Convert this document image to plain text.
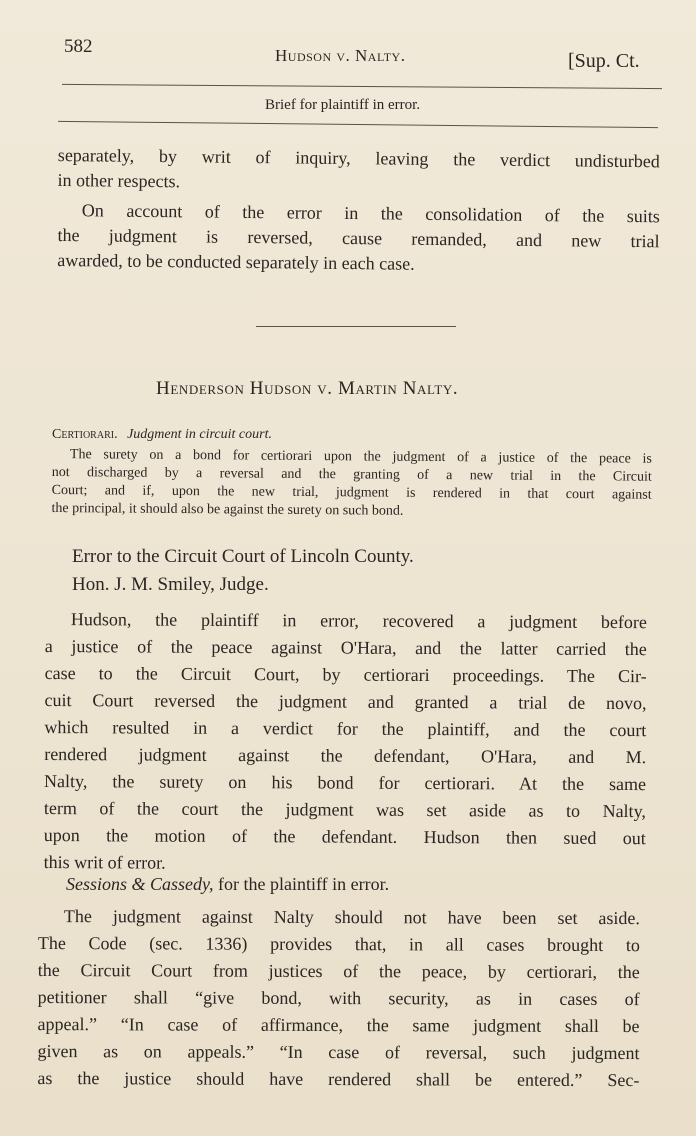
582	Hudson v. Nalty.	[Sup. Ct.
Brief for plaintiff in error.
separately, by writ of inquiry, leaving the verdict undisturbed
in other respects.
On account of the error in the consolidation of the suits
the judgment is reversed, cause remanded, and new trial
awarded, to be conducted separately in each case.
Henderson Hudson v. Martin Nalty.
Certiorari. Judgment in circuit court.
The surety on a bond for certiorari upon the judgment of a justice of the peace is
not discharged by a reversal and the granting of a new trial in the Circuit
Court; and if, upon the new trial, judgment is rendered in that court against
the principal, it should also be against the surety on such bond.
Error to the Circuit Court of Lincoln County.
Hon. J. M. Smiley, Judge.
Hudson, the plaintiff in error, recovered a judgment before
a justice of the peace against O'Hara, and the latter carried the
case to the Circuit Court, by certiorari proceedings. The Cir-
cuit Court reversed the judgment and granted a trial de novo,
which resulted in a verdict for the plaintiff, and the court
rendered judgment against the defendant, O'Hara, and M.
Nalty, the surety on his bond for certiorari. At the same
term of the court the judgment was set aside as to Nalty,
upon the motion of the defendant. Hudson then sued out
this writ of error.
Sessions & Cassedy, for the plaintiff in error.
The judgment against Nalty should not have been set aside.
The Code (sec. 1336) provides that, in all cases brought to
the Circuit Court from justices of the peace, by certiorari, the
petitioner shall “give bond, with security, as in cases of
appeal.” “In case of affirmance, the same judgment shall be
given as on appeals.” “In case of reversal, such judgment
as the justice should have rendered shall be entered.” Sec-
